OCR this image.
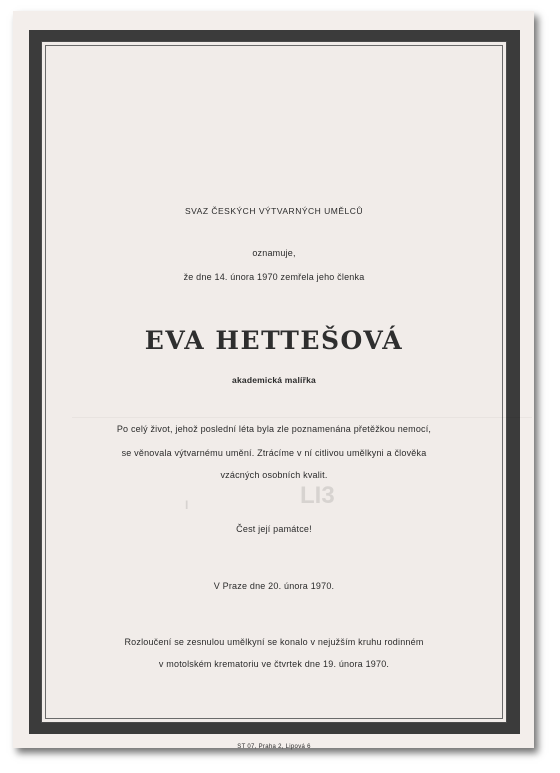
LI3
I
SVAZ ČESKÝCH VÝTVARNÝCH UMĚLCŮ
oznamuje,
že dne 14. února 1970 zemřela jeho členka
EVA HETTEŠOVÁ
akademická malířka
Po celý život, jehož poslední léta byla zle poznamenána přetěžkou nemocí,
se věnovala výtvarnému umění. Ztrácíme v ní citlivou umělkyni a člověka
vzácných osobních kvalit.
Čest její památce!
V Praze dne 20. února 1970.
Rozloučení se zesnulou umělkyní se konalo v nejužším kruhu rodinném
v motolském krematoriu ve čtvrtek dne 19. února 1970.
ST 07, Praha 2, Lipová 6
